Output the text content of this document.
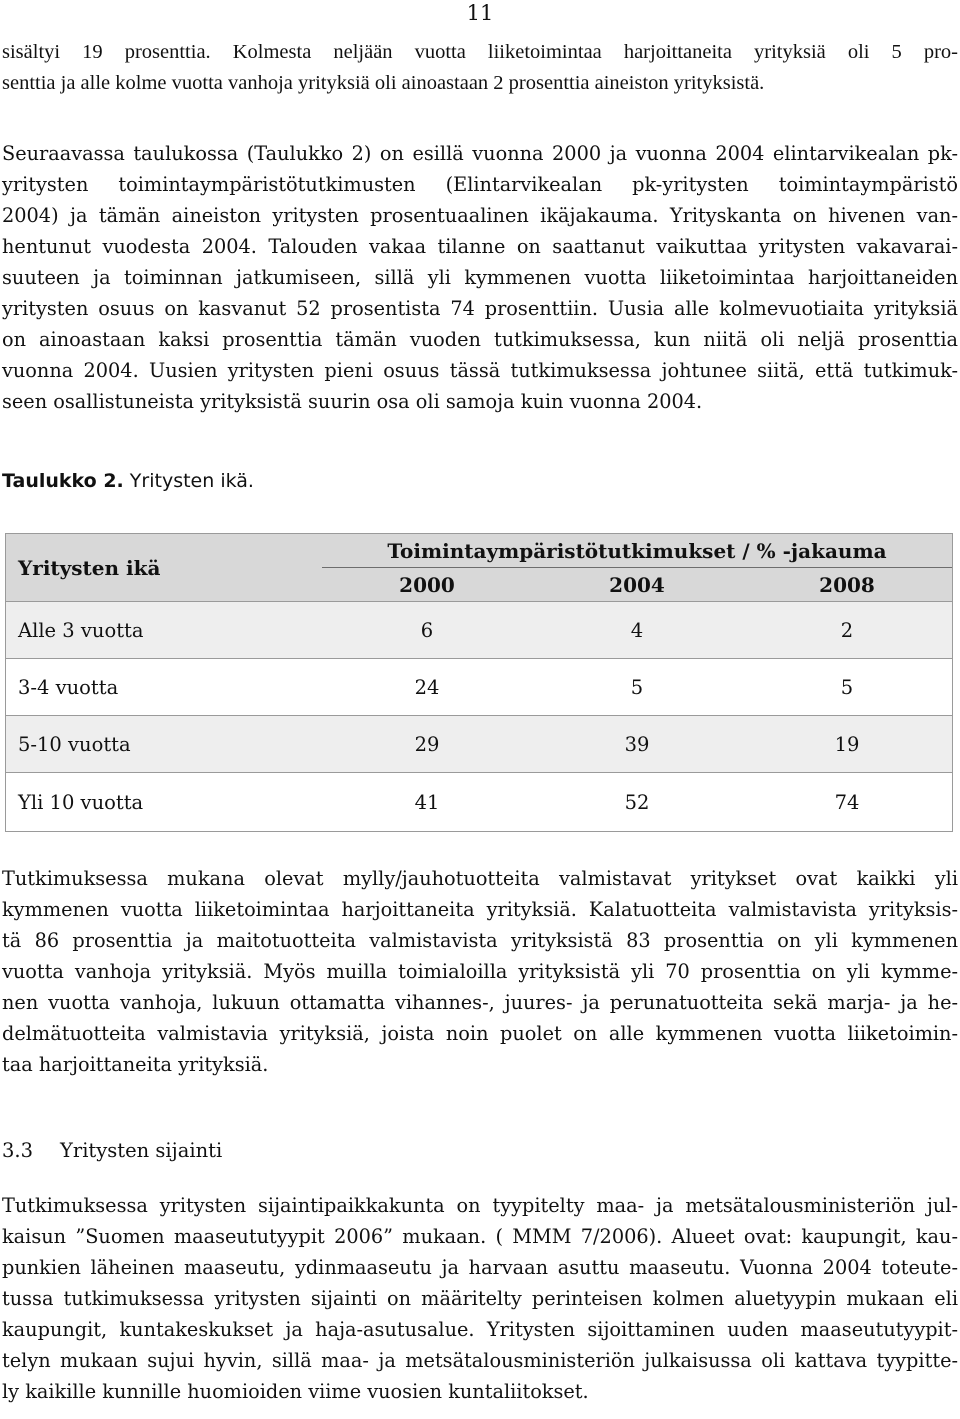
11
sisältyi 19 prosenttia. Kolmesta neljään vuotta liiketoimintaa harjoittaneita yrityksiä oli 5 pro-
senttia ja alle kolme vuotta vanhoja yrityksiä oli ainoastaan 2 prosenttia aineiston yrityksistä.
Seuraavassa taulukossa (Taulukko 2) on esillä vuonna 2000 ja vuonna 2004 elintarvikealan pk-
yritysten toimintaympäristötutkimusten (Elintarvikealan pk-yritysten toimintaympäristö
2004) ja tämän aineiston yritysten prosentuaalinen ikäjakauma. Yrityskanta on hivenen van-
hentunut vuodesta 2004. Talouden vakaa tilanne on saattanut vaikuttaa yritysten vakavarai-
suuteen ja toiminnan jatkumiseen, sillä yli kymmenen vuotta liiketoimintaa harjoittaneiden
yritysten osuus on kasvanut 52 prosentista 74 prosenttiin. Uusia alle kolmevuotiaita yrityksiä
on ainoastaan kaksi prosenttia tämän vuoden tutkimuksessa, kun niitä oli neljä prosenttia
vuonna 2004. Uusien yritysten pieni osuus tässä tutkimuksessa johtunee siitä, että tutkimuk-
seen osallistuneista yrityksistä suurin osa oli samoja kuin vuonna 2004.
Taulukko 2. Yritysten ikä.
Yritysten ikä
Toimintaympäristötutkimukset / % -jakauma
2000	2004	2008
Alle 3 vuotta	6	4	2
3-4 vuotta	24	5	5
5-10 vuotta	29	39	19
Yli 10 vuotta	41	52	74
Tutkimuksessa mukana olevat mylly/jauhotuotteita valmistavat yritykset ovat kaikki yli
kymmenen vuotta liiketoimintaa harjoittaneita yrityksiä. Kalatuotteita valmistavista yrityksis-
tä 86 prosenttia ja maitotuotteita valmistavista yrityksistä 83 prosenttia on yli kymmenen
vuotta vanhoja yrityksiä. Myös muilla toimialoilla yrityksistä yli 70 prosenttia on yli kymme-
nen vuotta vanhoja, lukuun ottamatta vihannes-, juures- ja perunatuotteita sekä marja- ja he-
delmätuotteita valmistavia yrityksiä, joista noin puolet on alle kymmenen vuotta liiketoimin-
taa harjoittaneita yrityksiä.
3.3 Yritysten sijainti
Tutkimuksessa yritysten sijaintipaikkakunta on tyypitelty maa- ja metsätalousministeriön jul-
kaisun ”Suomen maaseututyypit 2006” mukaan. ( MMM 7/2006). Alueet ovat: kaupungit, kau-
punkien läheinen maaseutu, ydinmaaseutu ja harvaan asuttu maaseutu. Vuonna 2004 toteute-
tussa tutkimuksessa yritysten sijainti on määritelty perinteisen kolmen aluetyypin mukaan eli
kaupungit, kuntakeskukset ja haja-asutusalue. Yritysten sijoittaminen uuden maaseututyypit-
telyn mukaan sujui hyvin, sillä maa- ja metsätalousministeriön julkaisussa oli kattava tyypitte-
ly kaikille kunnille huomioiden viime vuosien kuntaliitokset.
